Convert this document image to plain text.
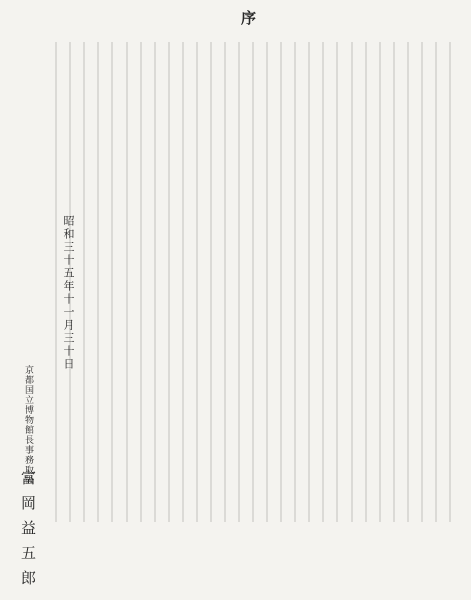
序
昭和三十五年十一月三十日
京都国立博物館長事務取扱
富岡益五郎
